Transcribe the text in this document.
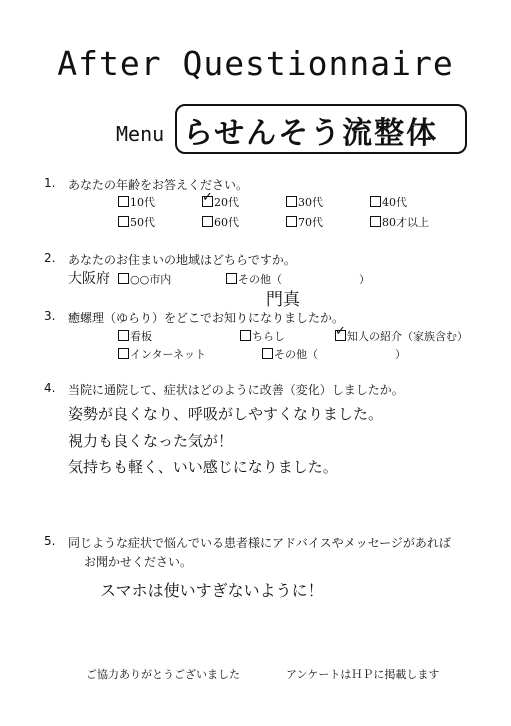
After Questionnaire
Menu らせんそう流整体
1. あなたの年齢をお答えください。
10代 ✓	20代	30代	40代
50代	60代	70代	80才以上
2. あなたのお住まいの地域はどちらですか。
大阪府	○○市内	その他（　　　　　　　）
門真
3. 癒螺理（ゆらり）をどこでお知りになりましたか。
看板	ちらし ✓	知人の紹介（家族含む）
インターネット	その他（　　　　　　　）
4. 当院に通院して、症状はどのように改善（変化）しましたか。
姿勢が良くなり、呼吸がしやすくなりました。
視力も良くなった気が！
気持ちも軽く、いい感じになりました。
5. 同じような症状で悩んでいる患者様にアドバイスやメッセージがあれば
お聞かせください。
スマホは使いすぎないように！
ご協力ありがとうございました	アンケートはＨＰに掲載します
